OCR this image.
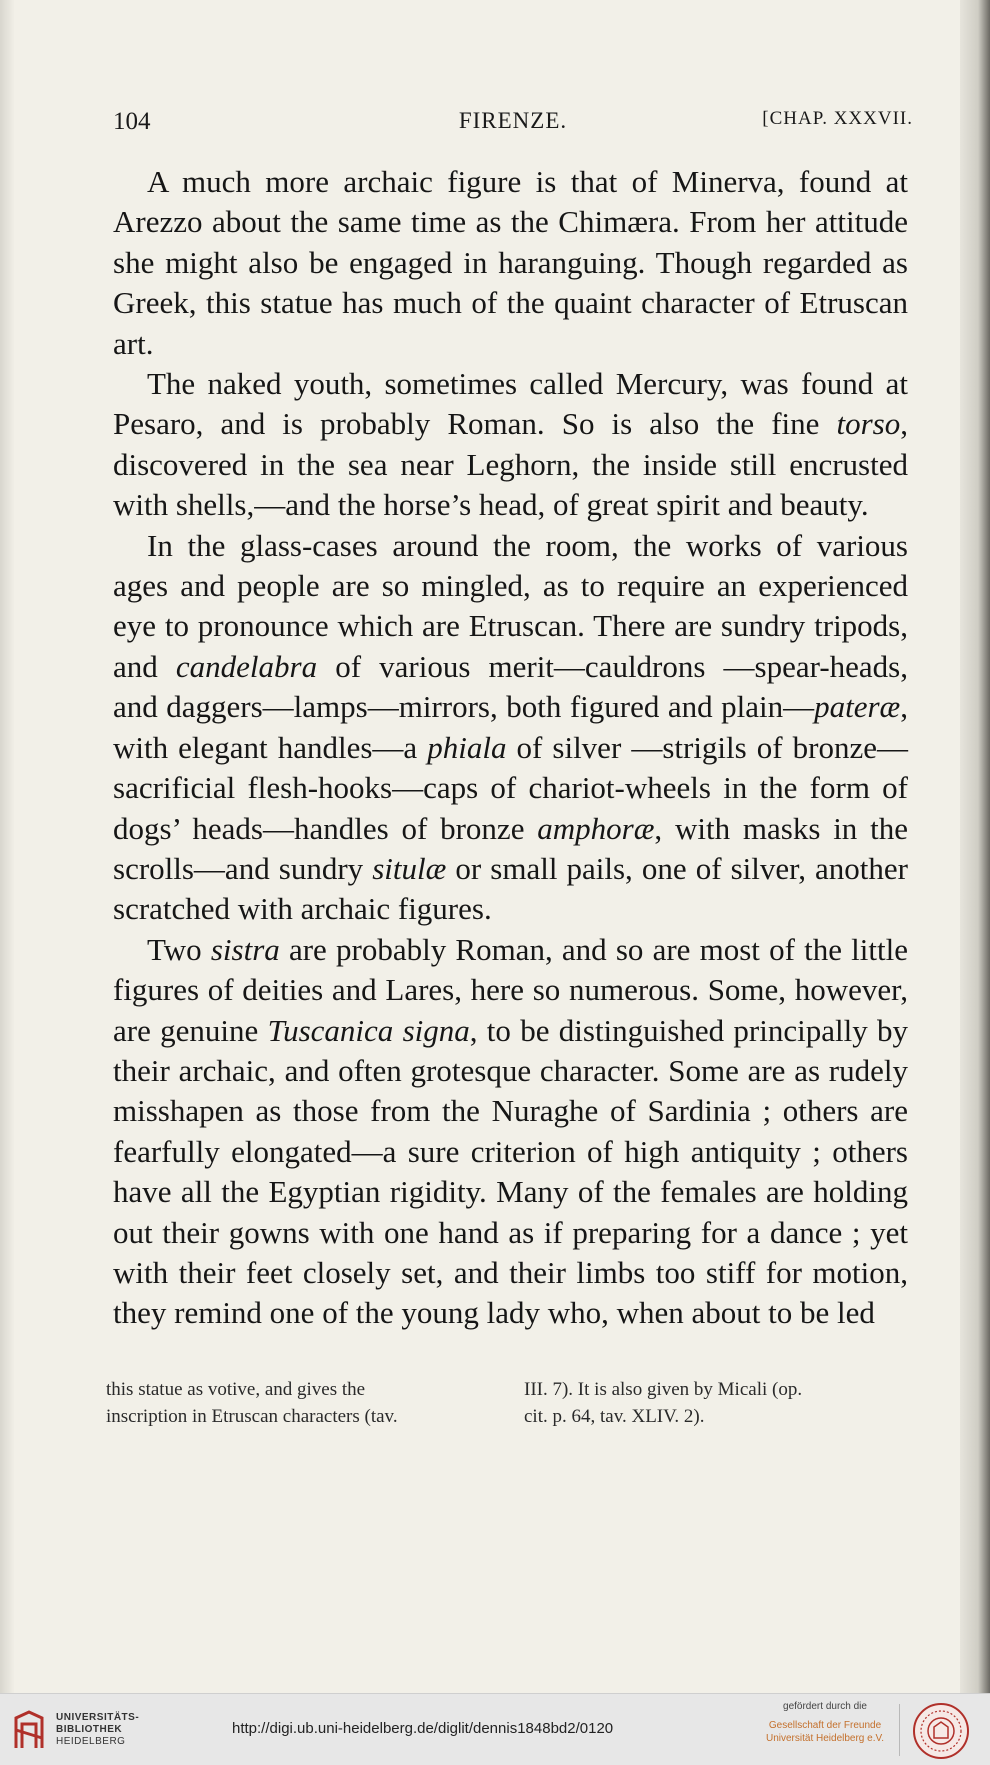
104	FIRENZE.	[CHAP. XXXVII.

A much more archaic figure is that of Minerva, found at Arezzo about the same time as the Chimæra. From her attitude she might also be engaged in haranguing. Though regarded as Greek, this statue has much of the quaint character of Etruscan art.

The naked youth, sometimes called Mercury, was found at Pesaro, and is probably Roman. So is also the fine torso, discovered in the sea near Leghorn, the inside still encrusted with shells,—and the horse’s head, of great spirit and beauty.

In the glass-cases around the room, the works of various ages and people are so mingled, as to require an experienced eye to pronounce which are Etruscan. There are sundry tripods, and candelabra of various merit—cauldrons —spear-heads, and daggers—lamps—mirrors, both figured and plain—pateræ, with elegant handles—a phiala of silver —strigils of bronze—sacrificial flesh-hooks—caps of chariot-wheels in the form of dogs’ heads—handles of bronze amphoræ, with masks in the scrolls—and sundry situlæ or small pails, one of silver, another scratched with archaic figures.

Two sistra are probably Roman, and so are most of the little figures of deities and Lares, here so numerous. Some, however, are genuine Tuscanica signa, to be distinguished principally by their archaic, and often grotesque character. Some are as rudely misshapen as those from the Nuraghe of Sardinia ; others are fearfully elongated—a sure criterion of high antiquity ; others have all the Egyptian rigidity. Many of the females are holding out their gowns with one hand as if preparing for a dance ; yet with their feet closely set, and their limbs too stiff for motion, they remind one of the young lady who, when about to be led

this statue as votive, and gives the
inscription in Etruscan characters (tav.
III. 7). It is also given by Micali (op.
cit. p. 64, tav. XLIV. 2).
UNIVERSITÄTS-
BIBLIOTHEK
HEIDELBERG
http://digi.ub.uni-heidelberg.de/diglit/dennis1848bd2/0120
gefördert durch die
Gesellschaft der Freunde
Universität Heidelberg e.V.
